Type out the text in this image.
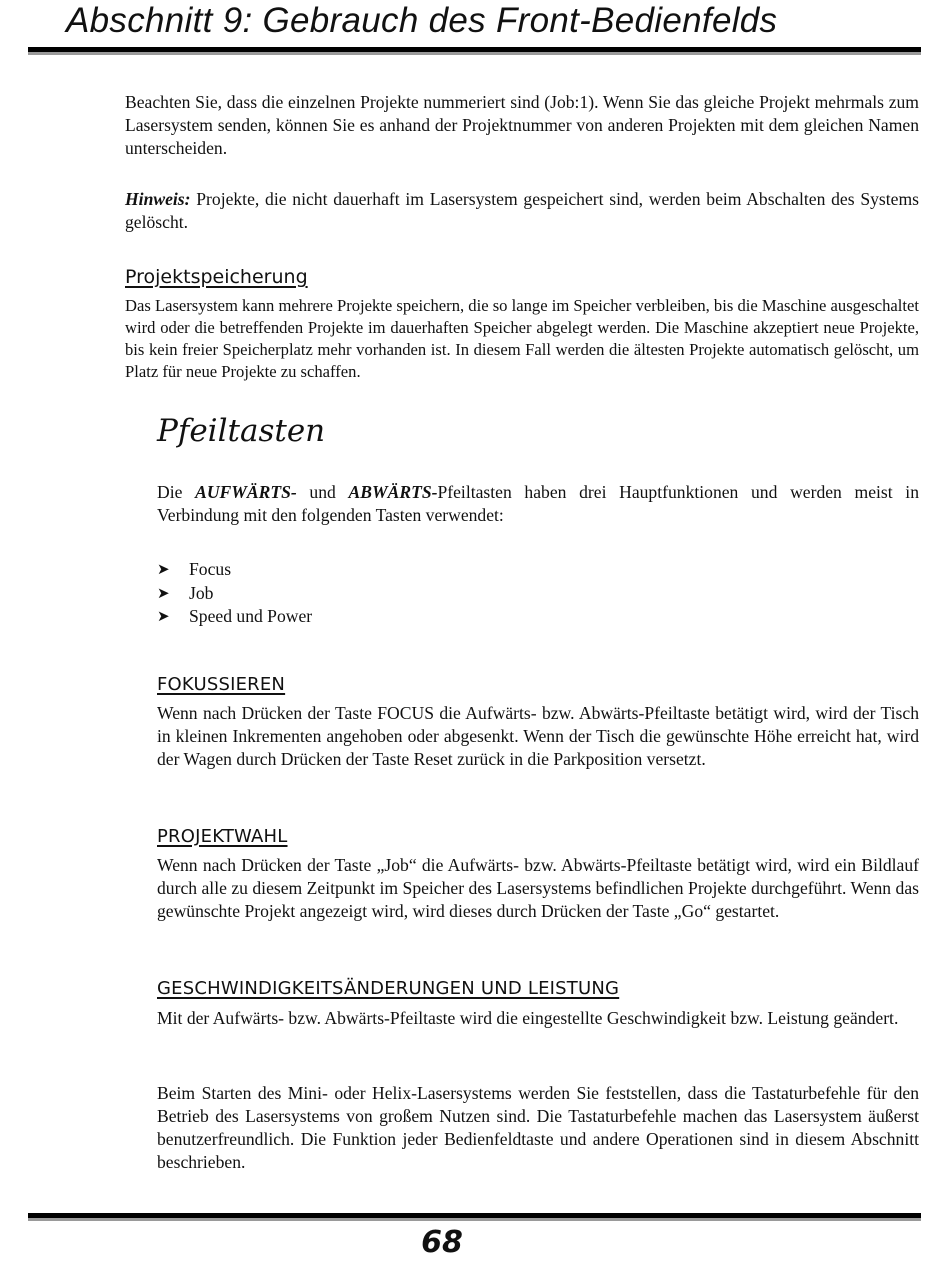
Abschnitt 9: Gebrauch des Front-Bedienfelds

Beachten Sie, dass die einzelnen Projekte nummeriert sind (Job:1). Wenn Sie das gleiche Projekt mehrmals zum Lasersystem senden, können Sie es anhand der Projektnummer von anderen Projekten mit dem gleichen Namen unterscheiden.

Hinweis: Projekte, die nicht dauerhaft im Lasersystem gespeichert sind, werden beim Abschalten des Systems gelöscht.

Projektspeicherung

Das Lasersystem kann mehrere Projekte speichern, die so lange im Speicher verbleiben, bis die Maschine ausgeschaltet wird oder die betreffenden Projekte im dauerhaften Speicher abgelegt werden. Die Maschine akzeptiert neue Projekte, bis kein freier Speicherplatz mehr vorhanden ist. In diesem Fall werden die ältesten Projekte automatisch gelöscht, um Platz für neue Projekte zu schaffen.

Pfeiltasten

Die AUFWÄRTS- und ABWÄRTS-Pfeiltasten haben drei Hauptfunktionen und werden meist in Verbindung mit den folgenden Tasten verwendet:

➤	Focus
➤	Job
➤	Speed und Power
FOKUSSIEREN

Wenn nach Drücken der Taste FOCUS die Aufwärts- bzw. Abwärts-Pfeiltaste betätigt wird, wird der Tisch in kleinen Inkrementen angehoben oder abgesenkt. Wenn der Tisch die gewünschte Höhe erreicht hat, wird der Wagen durch Drücken der Taste Reset zurück in die Parkposition versetzt.

PROJEKTWAHL

Wenn nach Drücken der Taste „Job“ die Aufwärts- bzw. Abwärts-Pfeiltaste betätigt wird, wird ein Bildlauf durch alle zu diesem Zeitpunkt im Speicher des Lasersystems befindlichen Projekte durchgeführt. Wenn das gewünschte Projekt angezeigt wird, wird dieses durch Drücken der Taste „Go“ gestartet.

GESCHWINDIGKEITSÄNDERUNGEN UND LEISTUNG

Mit der Aufwärts- bzw. Abwärts-Pfeiltaste wird die eingestellte Geschwindigkeit bzw. Leistung geändert.

Beim Starten des Mini- oder Helix-Lasersystems werden Sie feststellen, dass die Tastaturbefehle für den Betrieb des Lasersystems von großem Nutzen sind. Die Tastaturbefehle machen das Lasersystem äußerst benutzerfreundlich. Die Funktion jeder Bedienfeldtaste und andere Operationen sind in diesem Abschnitt beschrieben.

68
